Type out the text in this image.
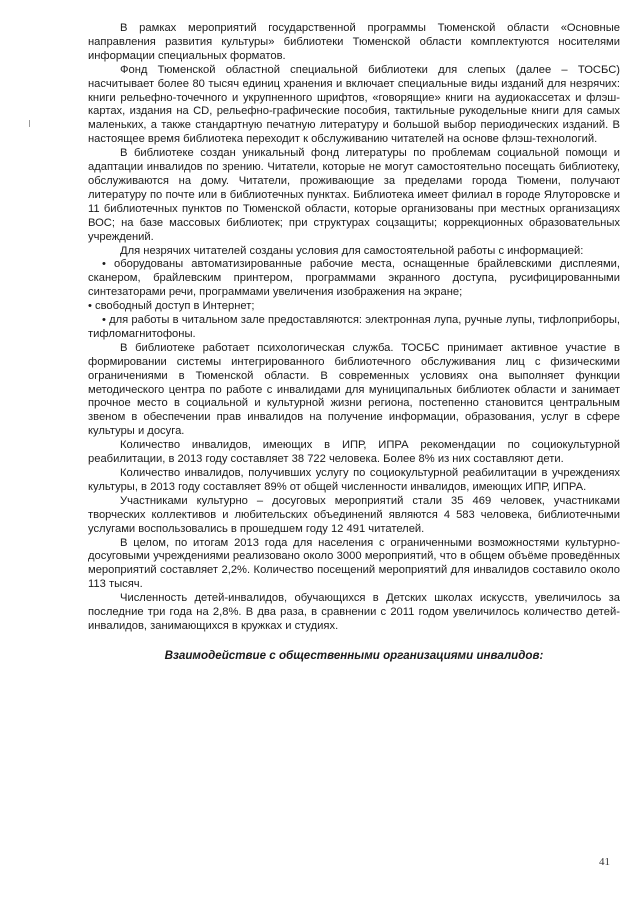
В рамках мероприятий государственной программы Тюменской области «Основные направления развития культуры» библиотеки Тюменской области комплектуются носителями информации специальных форматов.

Фонд Тюменской областной специальной библиотеки для слепых (далее – ТОСБС) насчитывает более 80 тысяч единиц хранения и включает специальные виды изданий для незрячих: книги рельефно-точечного и укрупненного шрифтов, «говорящие» книги на аудиокассетах и флэш-картах, издания на CD, рельефно-графические пособия, тактильные рукодельные книги для самых маленьких, а также стандартную печатную литературу и большой выбор периодических изданий. В настоящее время библиотека переходит к обслуживанию читателей на основе флэш-технологий.

В библиотеке создан уникальный фонд литературы по проблемам социальной помощи и адаптации инвалидов по зрению. Читатели, которые не могут самостоятельно посещать библиотеку, обслуживаются на дому. Читатели, проживающие за пределами города Тюмени, получают литературу по почте или в библиотечных пунктах. Библиотека имеет филиал в городе Ялуторовске и 11 библиотечных пунктов по Тюменской области, которые организованы при местных организациях ВОС; на базе массовых библиотек; при структурах соцзащиты; коррекционных образовательных учреждений.

Для незрячих читателей созданы условия для самостоятельной работы с информацией:

• оборудованы автоматизированные рабочие места, оснащенные брайлевскими дисплеями, сканером, брайлевским принтером, программами экранного доступа, русифицированными синтезаторами речи, программами увеличения изображения на экране;

• свободный доступ в Интернет;

• для работы в читальном зале предоставляются: электронная лупа, ручные лупы, тифлоприборы, тифломагнитофоны.

В библиотеке работает психологическая служба. ТОСБС принимает активное участие в формировании системы интегрированного библиотечного обслуживания лиц с физическими ограничениями в Тюменской области. В современных условиях она выполняет функции методического центра по работе с инвалидами для муниципальных библиотек области и занимает прочное место в социальной и культурной жизни региона, постепенно становится центральным звеном в обеспечении прав инвалидов на получение информации, образования, услуг в сфере культуры и досуга.

Количество инвалидов, имеющих в ИПР, ИПРА рекомендации по социокультурной реабилитации, в 2013 году составляет 38 722 человека. Более 8% из них составляют дети.

Количество инвалидов, получивших услугу по социокультурной реабилитации в учреждениях культуры, в 2013 году составляет 89% от общей численности инвалидов, имеющих ИПР, ИПРА.

Участниками культурно – досуговых мероприятий стали 35 469 человек, участниками творческих коллективов и любительских объединений являются 4 583 человека, библиотечными услугами воспользовались в прошедшем году 12 491 читателей.

В целом, по итогам 2013 года для населения с ограниченными возможностями культурно-досуговыми учреждениями реализовано около 3000 мероприятий, что в общем объёме проведённых мероприятий составляет 2,2%. Количество посещений мероприятий для инвалидов составило около 113 тысяч.

Численность детей-инвалидов, обучающихся в Детских школах искусств, увеличилось за последние три года на 2,8%. В два раза, в сравнении с 2011 годом увеличилось количество детей-инвалидов, занимающихся в кружках и студиях.

Взаимодействие с общественными организациями инвалидов:
41
